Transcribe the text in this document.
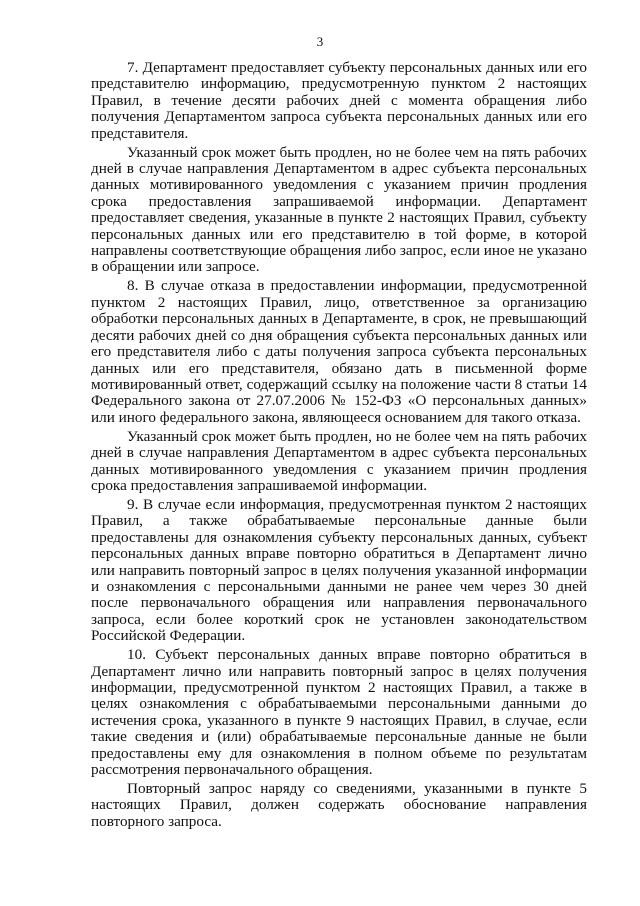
3

7. Департамент предоставляет субъекту персональных данных или его представителю информацию, предусмотренную пунктом 2 настоящих Правил, в течение десяти рабочих дней с момента обращения либо получения Департаментом запроса субъекта персональных данных или его представителя.

Указанный срок может быть продлен, но не более чем на пять рабочих дней в случае направления Департаментом в адрес субъекта персональных данных мотивированного уведомления с указанием причин продления срока предоставления запрашиваемой информации. Департамент предоставляет сведения, указанные в пункте 2 настоящих Правил, субъекту персональных данных или его представителю в той форме, в которой направлены соответствующие обращения либо запрос, если иное не указано в обращении или запросе.

8. В случае отказа в предоставлении информации, предусмотренной пунктом 2 настоящих Правил, лицо, ответственное за организацию обработки персональных данных в Департаменте, в срок, не превышающий десяти рабочих дней со дня обращения субъекта персональных данных или его представителя либо с даты получения запроса субъекта персональных данных или его представителя, обязано дать в письменной форме мотивированный ответ, содержащий ссылку на положение части 8 статьи 14 Федерального закона от 27.07.2006 № 152-ФЗ «О персональных данных» или иного федерального закона, являющееся основанием для такого отказа.

Указанный срок может быть продлен, но не более чем на пять рабочих дней в случае направления Департаментом в адрес субъекта персональных данных мотивированного уведомления с указанием причин продления срока предоставления запрашиваемой информации.

9. В случае если информация, предусмотренная пунктом 2 настоящих Правил, а также обрабатываемые персональные данные были предоставлены для ознакомления субъекту персональных данных, субъект персональных данных вправе повторно обратиться в Департамент лично или направить повторный запрос в целях получения указанной информации и ознакомления с персональными данными не ранее чем через 30 дней после первоначального обращения или направления первоначального запроса, если более короткий срок не установлен законодательством Российской Федерации.

10. Субъект персональных данных вправе повторно обратиться в Департамент лично или направить повторный запрос в целях получения информации, предусмотренной пунктом 2 настоящих Правил, а также в целях ознакомления с обрабатываемыми персональными данными до истечения срока, указанного в пункте 9 настоящих Правил, в случае, если такие сведения и (или) обрабатываемые персональные данные не были предоставлены ему для ознакомления в полном объеме по результатам рассмотрения первоначального обращения.

Повторный запрос наряду со сведениями, указанными в пункте 5 настоящих Правил, должен содержать обоснование направления повторного запроса.
